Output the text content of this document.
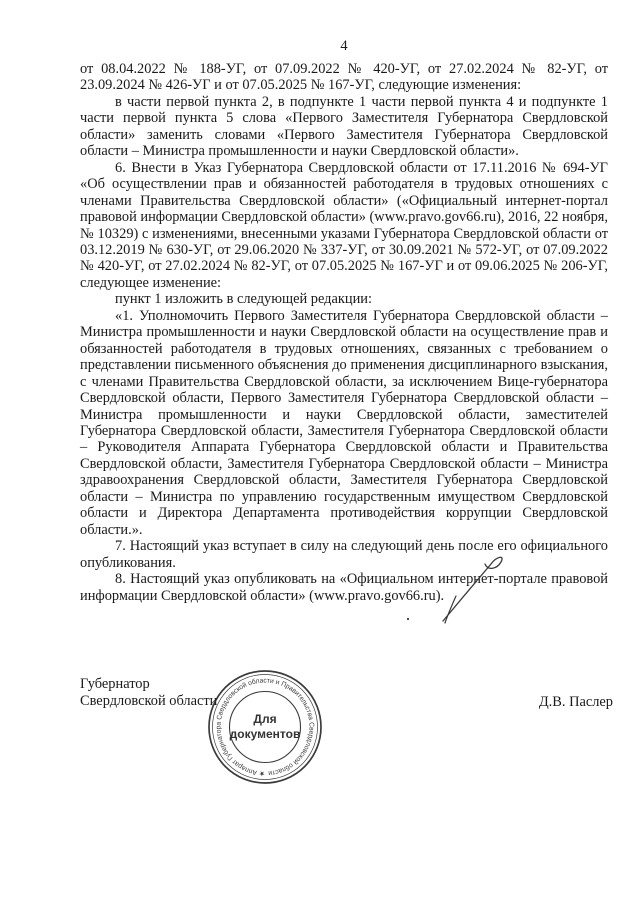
4

от 08.04.2022 № 188-УГ, от 07.09.2022 № 420-УГ, от 27.02.2024 № 82-УГ, от 23.09.2024 № 426-УГ и от 07.05.2025 № 167-УГ, следующие изменения:

в части первой пункта 2, в подпункте 1 части первой пункта 4 и подпункте 1 части первой пункта 5 слова «Первого Заместителя Губернатора Свердловской области» заменить словами «Первого Заместителя Губернатора Свердловской области – Министра промышленности и науки Свердловской области».

6. Внести в Указ Губернатора Свердловской области от 17.11.2016 № 694-УГ «Об осуществлении прав и обязанностей работодателя в трудовых отношениях с членами Правительства Свердловской области» («Официальный интернет-портал правовой информации Свердловской области» (www.pravo.gov66.ru), 2016, 22 ноября, № 10329) с изменениями, внесенными указами Губернатора Свердловской области от 03.12.2019 № 630-УГ, от 29.06.2020 № 337-УГ, от 30.09.2021 № 572-УГ, от 07.09.2022 № 420-УГ, от 27.02.2024 № 82-УГ, от 07.05.2025 № 167-УГ и от 09.06.2025 № 206-УГ, следующее изменение:

пункт 1 изложить в следующей редакции:

«1. Уполномочить Первого Заместителя Губернатора Свердловской области – Министра промышленности и науки Свердловской области на осуществление прав и обязанностей работодателя в трудовых отношениях, связанных с требованием о представлении письменного объяснения до применения дисциплинарного взыскания, с членами Правительства Свердловской области, за исключением Вице-губернатора Свердловской области, Первого Заместителя Губернатора Свердловской области – Министра промышленности и науки Свердловской области, заместителей Губернатора Свердловской области, Заместителя Губернатора Свердловской области – Руководителя Аппарата Губернатора Свердловской области и Правительства Свердловской области, Заместителя Губернатора Свердловской области – Министра здравоохранения Свердловской области, Заместителя Губернатора Свердловской области – Министра по управлению государственным имуществом Свердловской области и Директора Департамента противодействия коррупции Свердловской области.».

7. Настоящий указ вступает в силу на следующий день после его официального опубликования.

8. Настоящий указ опубликовать на «Официальном интернет-портале правовой информации Свердловской области» (www.pravo.gov66.ru).

Губернатор
Свердловской области	Д.В. Паслер
★ Аппарат Губернатора Свердловской области и Правительства Свердловской области
Для
документов
